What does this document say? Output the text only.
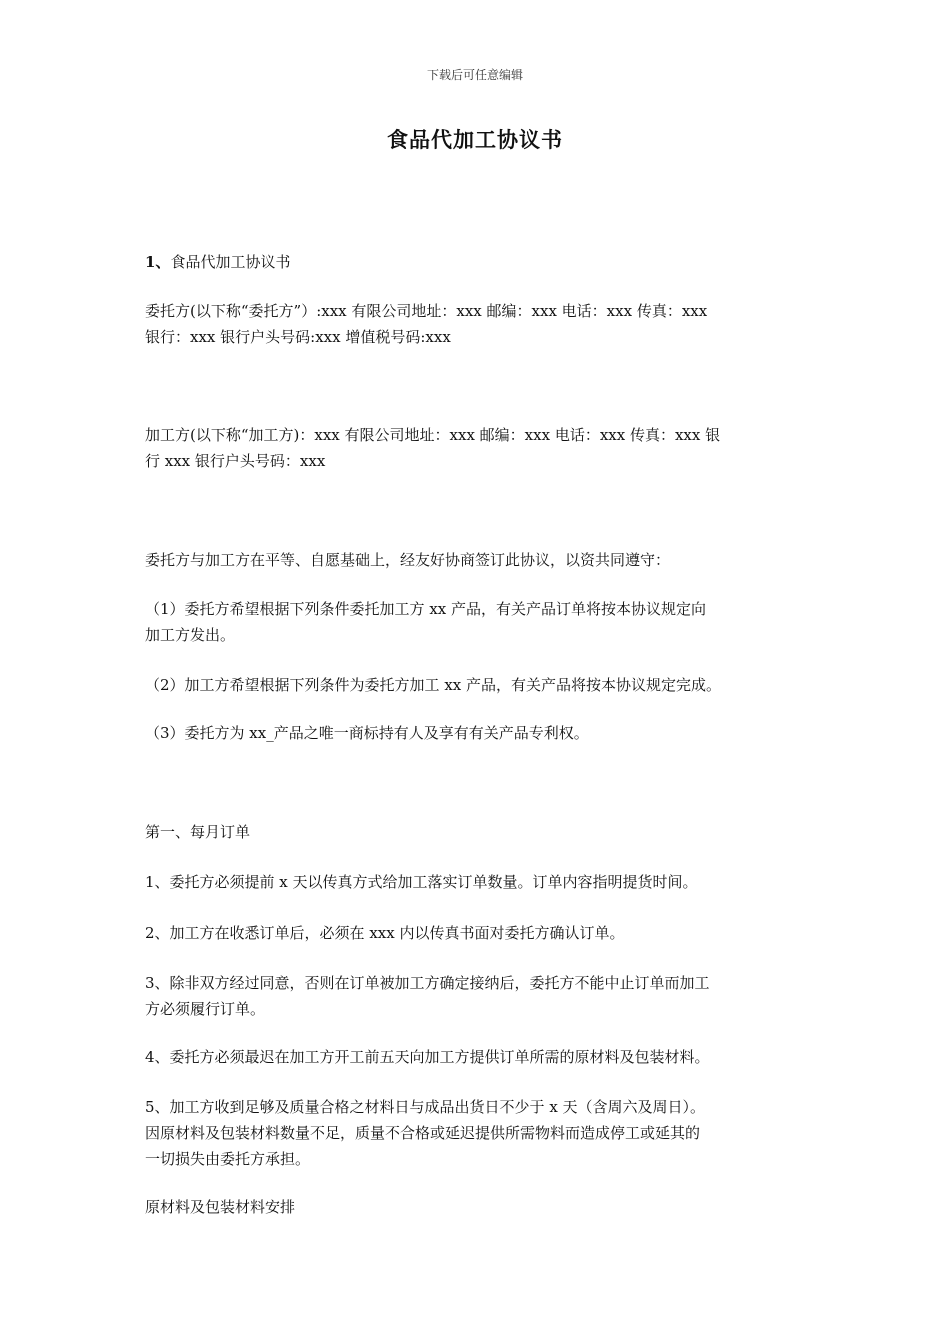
下载后可任意编辑
食品代加工协议书

1、食品代加工协议书

委托方(以下称“委托方”）:xxx 有限公司地址：xxx 邮编：xxx 电话：xxx 传真：xxx
银行：xxx 银行户头号码:xxx 增值税号码:xxx

加工方(以下称“加工方)：xxx 有限公司地址：xxx 邮编：xxx 电话：xxx 传真：xxx 银
行 xxx 银行户头号码：xxx

委托方与加工方在平等、自愿基础上，经友好协商签订此协议，以资共同遵守：

（1）委托方希望根据下列条件委托加工方 xx 产品，有关产品订单将按本协议规定向
加工方发出。

（2）加工方希望根据下列条件为委托方加工 xx 产品，有关产品将按本协议规定完成。

（3）委托方为 xx_产品之唯一商标持有人及享有有关产品专利权。

第一、每月订单

1、委托方必须提前 x 天以传真方式给加工落实订单数量。订单内容指明提货时间。

2、加工方在收悉订单后，必须在 xxx 内以传真书面对委托方确认订单。

3、除非双方经过同意，否则在订单被加工方确定接纳后，委托方不能中止订单而加工
方必须履行订单。

4、委托方必须最迟在加工方开工前五天向加工方提供订单所需的原材料及包装材料。

5、加工方收到足够及质量合格之材料日与成品出货日不少于 x 天（含周六及周日）。
因原材料及包装材料数量不足，质量不合格或延迟提供所需物料而造成停工或延其的
一切损失由委托方承担。

原材料及包装材料安排
